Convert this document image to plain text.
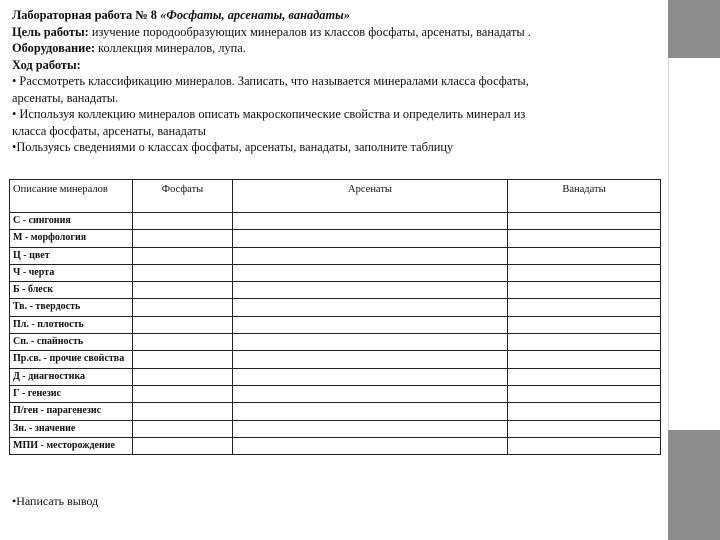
Лабораторная работа № 8 «Фосфаты, арсенаты, ванадаты»
Цель работы: изучение породообразующих минералов из классов фосфаты, арсенаты, ванадаты .
Оборудование: коллекция минералов, лупа.
Ход работы:
• Рассмотреть классификацию минералов. Записать, что называется минералами класса фосфаты,
арсенаты, ванадаты.
• Используя коллекцию минералов описать макроскопические свойства и определить минерал из
класса фосфаты, арсенаты, ванадаты
•Пользуясь сведениями о классах фосфаты, арсенаты, ванадаты, заполните таблицу
Описание минералов	Фосфаты	Арсенаты	Ванадаты
С - сингония			
М - морфология			
Ц - цвет			
Ч - черта			
Б - блеск			
Тв. - твердость			
Пл. - плотность			
Сп. - спайность			
Пр.св. - прочие свойства			
Д - диагностика			
Г - генезис			
П/ген - парагенезис			
Зн. - значение			
МПИ - месторождение			
•Написать вывод
